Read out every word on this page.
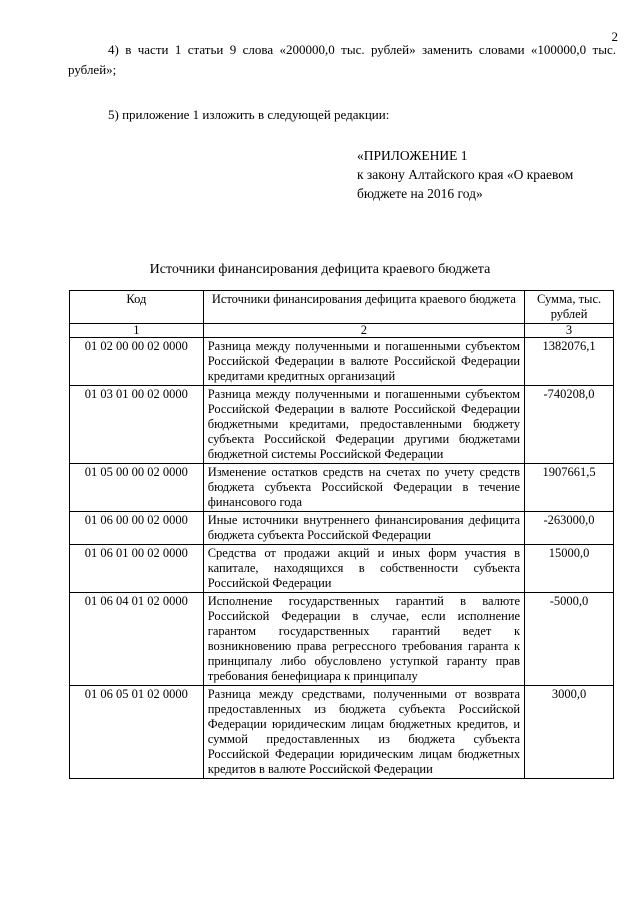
2

4) в части 1 статьи 9 слова «200000,0 тыс. рублей» заменить словами «100000,0 тыс. рублей»;

5) приложение 1 изложить в следующей редакции:

«ПРИЛОЖЕНИЕ 1
к закону Алтайского края «О краевом
бюджете на 2016 год»
Источники финансирования дефицита краевого бюджета
Код	Источники финансирования дефицита краевого бюджета	Сумма, тыс. рублей
1	2	3
01 02 00 00 02 0000	Разница между полученными и погашенными субъектом Российской Федерации в валюте Российской Федерации кредитами кредитных организаций	1382076,1
01 03 01 00 02 0000	Разница между полученными и погашенными субъектом Российской Федерации в валюте Российской Федерации бюджетными кредитами, предоставленными бюджету субъекта Российской Федерации другими бюджетами бюджетной системы Российской Федерации	-740208,0
01 05 00 00 02 0000	Изменение остатков средств на счетах по учету средств бюджета субъекта Российской Федерации в течение финансового года	1907661,5
01 06 00 00 02 0000	Иные источники внутреннего финансирования дефицита бюджета субъекта Российской Федерации	-263000,0
01 06 01 00 02 0000	Средства от продажи акций и иных форм участия в капитале, находящихся в собственности субъекта Российской Федерации	15000,0
01 06 04 01 02 0000	Исполнение государственных гарантий в валюте Российской Федерации в случае, если исполнение гарантом государственных гарантий ведет к возникновению права регрессного требования гаранта к принципалу либо обусловлено уступкой гаранту прав требования бенефициара к принципалу	-5000,0
01 06 05 01 02 0000	Разница между средствами, полученными от возврата предоставленных из бюджета субъекта Российской Федерации юридическим лицам бюджетных кредитов, и суммой предоставленных из бюджета субъекта Российской Федерации юридическим лицам бюджетных кредитов в валюте Российской Федерации	3000,0
